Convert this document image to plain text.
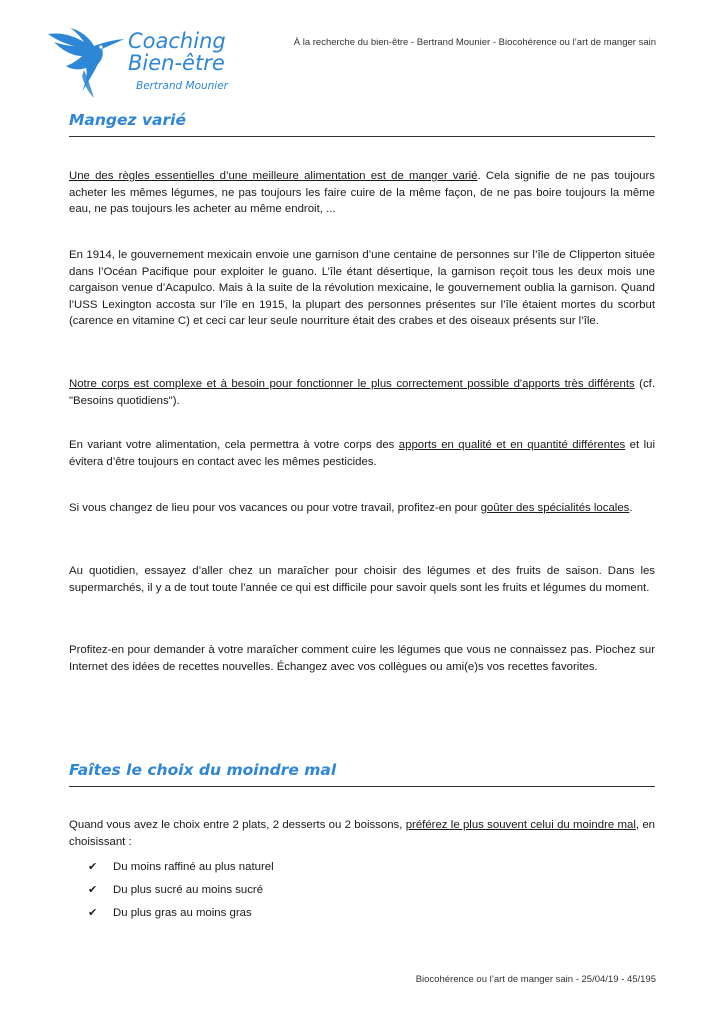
Coaching
Bien-être
Bertrand Mounier
À la recherche du bien-être - Bertrand Mounier - Biocohérence ou l’art de manger sain
Mangez varié

Une des règles essentielles d’une meilleure alimentation est de manger varié. Cela signifie de ne pas toujours acheter les mêmes légumes, ne pas toujours les faire cuire de la même façon, de ne pas boire toujours la même eau, ne pas toujours les acheter au même endroit, ...

En 1914, le gouvernement mexicain envoie une garnison d’une centaine de personnes sur l’île de Clipperton située dans l’Océan Pacifique pour exploiter le guano. L’île étant désertique, la garnison reçoit tous les deux mois une cargaison venue d’Acapulco. Mais à la suite de la révolution mexicaine, le gouvernement oublia la garnison. Quand l’USS Lexington accosta sur l’île en 1915, la plupart des personnes présentes sur l’île étaient mortes du scorbut (carence en vitamine C) et ceci car leur seule nourriture était des crabes et des oiseaux présents sur l’île.

Notre corps est complexe et à besoin pour fonctionner le plus correctement possible d'apports très différents (cf. "Besoins quotidiens").

En variant votre alimentation, cela permettra à votre corps des apports en qualité et en quantité différentes et lui évitera d’être toujours en contact avec les mêmes pesticides.

Si vous changez de lieu pour vos vacances ou pour votre travail, profitez-en pour goûter des spécialités locales.

Au quotidien, essayez d’aller chez un maraîcher pour choisir des légumes et des fruits de saison. Dans les supermarchés, il y a de tout toute l’année ce qui est difficile pour savoir quels sont les fruits et légumes du moment.

Profitez-en pour demander à votre maraîcher comment cuire les légumes que vous ne connaissez pas. Piochez sur Internet des idées de recettes nouvelles. Échangez avec vos collègues ou ami(e)s vos recettes favorites.

Faîtes le choix du moindre mal

Quand vous avez le choix entre 2 plats, 2 desserts ou 2 boissons, préférez le plus souvent celui du moindre mal, en choisissant :

✔	Du moins raffiné au plus naturel
✔	Du plus sucré au moins sucré
✔	Du plus gras au moins gras
Biocohérence ou l’art de manger sain - 25/04/19 - 45/195
